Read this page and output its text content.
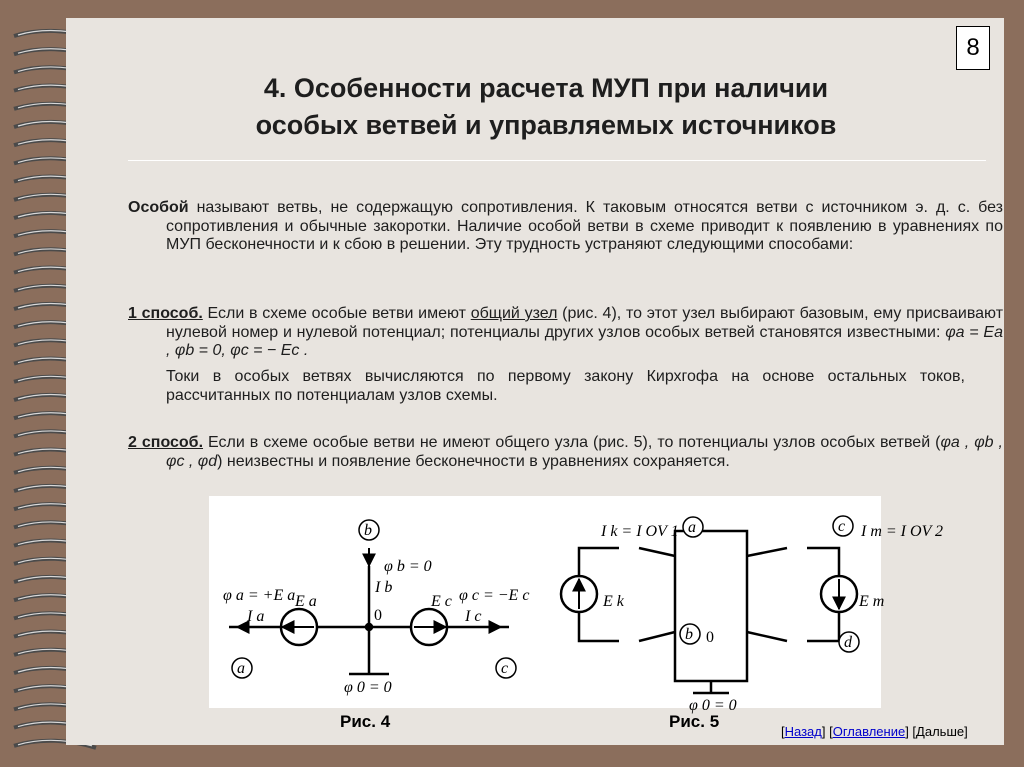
8
4. Особенности расчета МУП при наличии
особых ветвей и управляемых источников
Особой называют ветвь, не содержащую сопротивления. К таковым относятся ветви с источником э. д. с. без сопротивления и обычные закоротки. Наличие особой ветви в схеме приводит к появлению в уравнениях по МУП бесконечности и к сбою в решении. Эту трудность устраняют следующими способами:
1 способ. Если в схеме особые ветви имеют общий узел (рис. 4), то этот узел выбирают базовым, ему присваивают нулевой номер и нулевой потенциал; потенциалы других узлов особых ветвей становятся известными: φa = Ea , φb = 0, φc = − Ec .
Токи в особых ветвях вычисляются по первому закону Кирхгофа на основе остальных токов, рассчитанных по потенциалам узлов схемы.
2 способ. Если в схеме особые ветви не имеют общего узла (рис. 5), то потенциалы узлов особых ветвей (φa , φb , φc , φd) неизвестны и появление бесконечности в уравнениях сохраняется.
b
a	c
φ b = 0
φ a = +E a	φ c = −E c
φ 0 = 0
E a	E c
I a
I b
I c
0
a	c
b	d
I k = I OV 1	I m = I OV 2
E k	E m
φ 0 = 0
0
Рис. 4	Рис. 5
[Назад] [Оглавление] [Дальше]
